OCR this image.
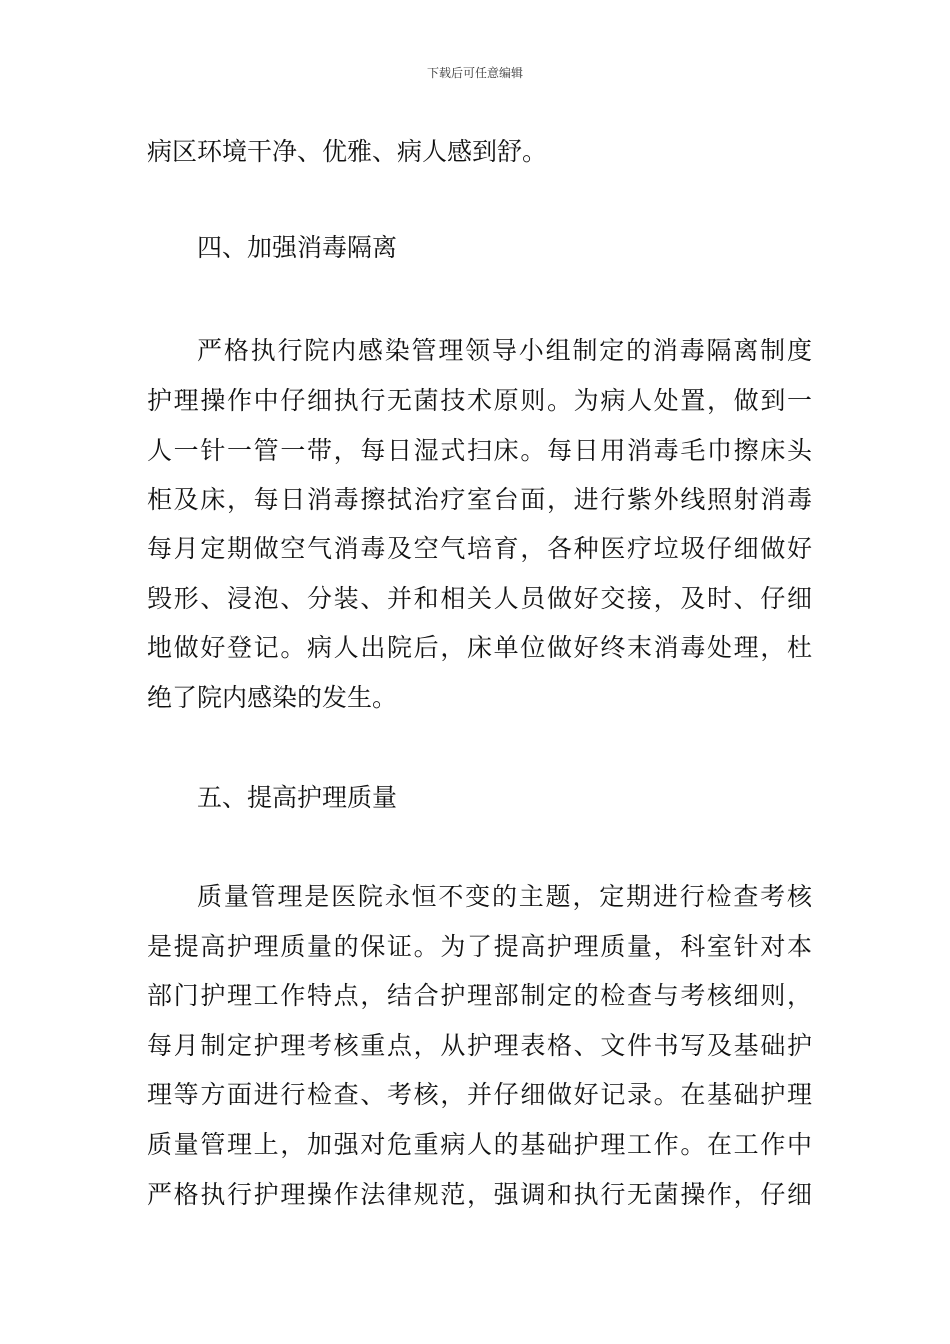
下载后可任意编辑
病区环境干净、优雅、病人感到舒。
四、加强消毒隔离
严格执行院内感染管理领导小组制定的消毒隔离制度
护理操作中仔细执行无菌技术原则。为病人处置，做到一
人一针一管一带，每日湿式扫床。每日用消毒毛巾擦床头
柜及床，每日消毒擦拭治疗室台面，进行紫外线照射消毒
每月定期做空气消毒及空气培育，各种医疗垃圾仔细做好
毁形、浸泡、分装、并和相关人员做好交接，及时、仔细
地做好登记。病人出院后，床单位做好终末消毒处理，杜
绝了院内感染的发生。
五、提高护理质量
质量管理是医院永恒不变的主题，定期进行检查考核
是提高护理质量的保证。为了提高护理质量，科室针对本
部门护理工作特点，结合护理部制定的检查与考核细则，
每月制定护理考核重点，从护理表格、文件书写及基础护
理等方面进行检查、考核，并仔细做好记录。在基础护理
质量管理上，加强对危重病人的基础护理工作。在工作中
严格执行护理操作法律规范，强调和执行无菌操作，仔细
